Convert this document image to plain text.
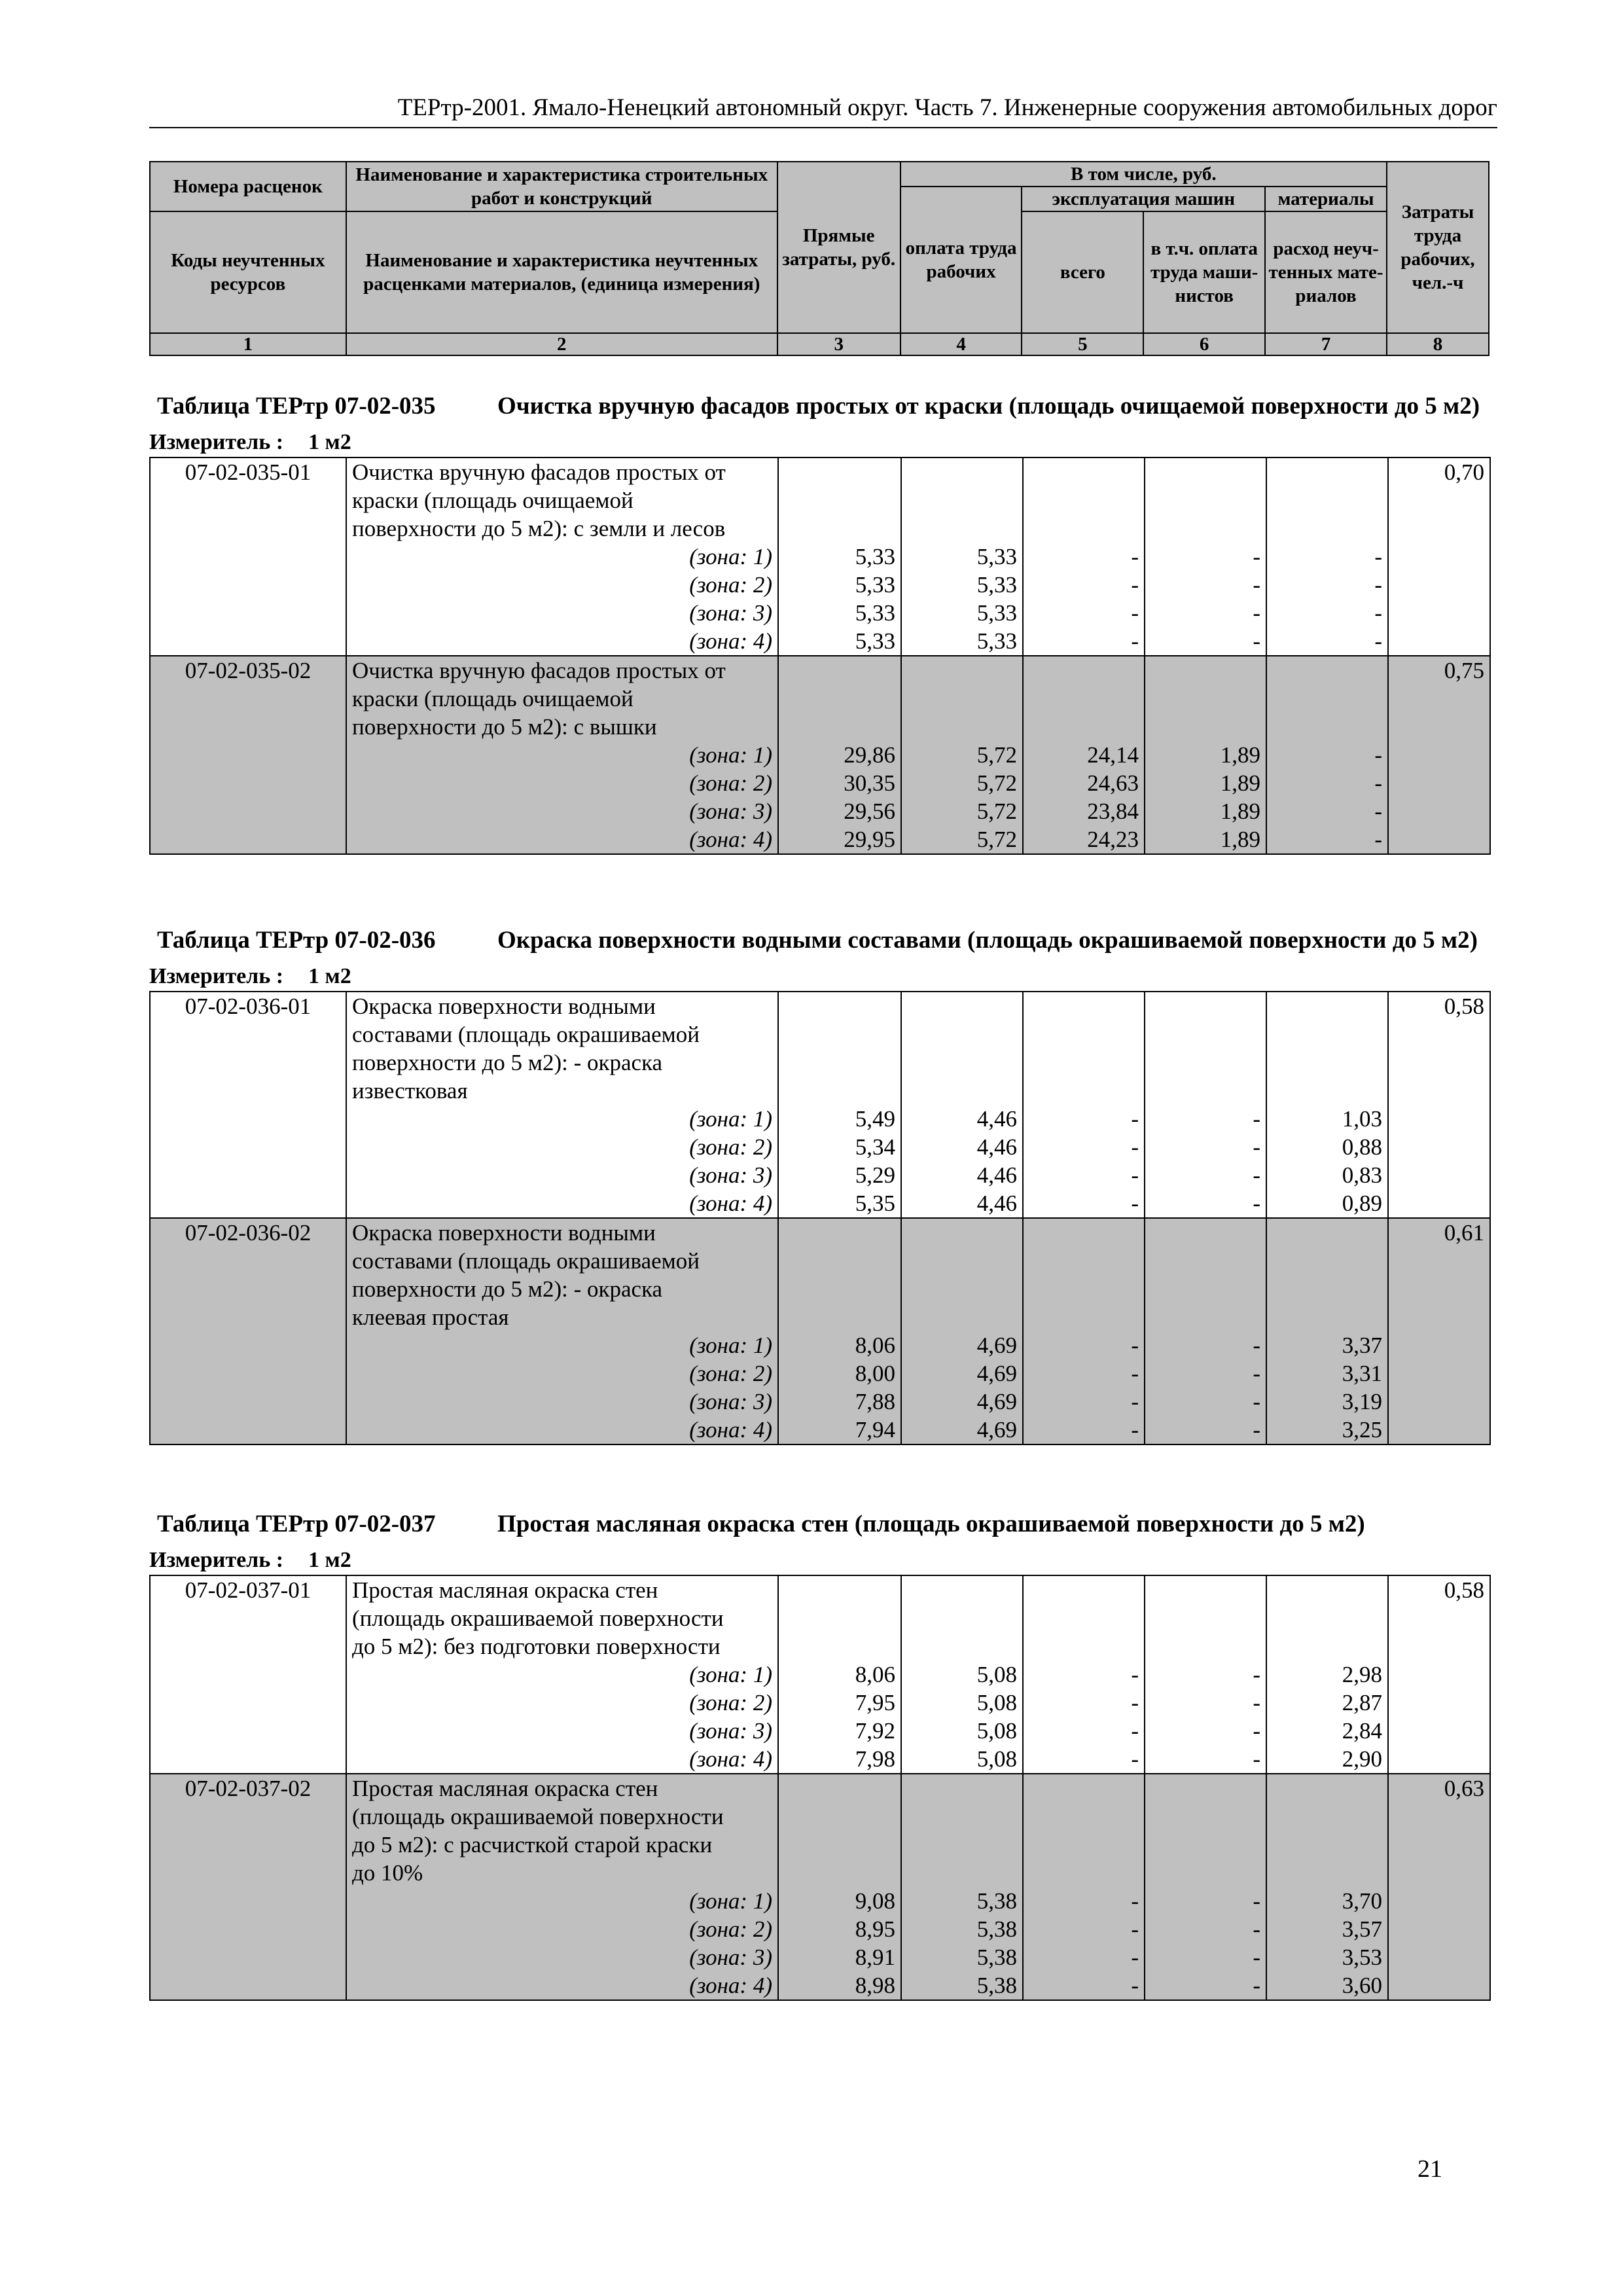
ТЕРтр-2001. Ямало-Ненецкий автономный округ. Часть 7. Инженерные сооружения автомобильных дорог
Номера расценок	Наименование и характеристика строительных работ и конструкций	Прямые затраты, руб.	В том числе, руб.				Затраты труда рабочих, чел.-ч
			оплата труда рабочих	эксплуатация машин		материалы	
Коды неучтенных ресурсов	Наименование и характеристика неучтенных расценками материалов, (единица измерения)			всего	в т.ч. оплата труда маши-нистов	расход неуч-тенных мате-риалов	

1	2	3	4	5	6	7	8
Таблица ТЕРтр 07-02-035	Очистка вручную фасадов простых от краски (площадь очищаемой поверхности до 5 м2)
Измеритель : 1 м2
07-02-035-01	Очистка вручную фасадов простых от						0,70
	краски (площадь очищаемой						
	поверхности до 5 м2): с земли и лесов						
	(зона: 1)	5,33	5,33	-	-	-	
	(зона: 2)	5,33	5,33	-	-	-	
	(зона: 3)	5,33	5,33	-	-	-	
	(зона: 4)	5,33	5,33	-	-	-	
07-02-035-02	Очистка вручную фасадов простых от						0,75
	краски (площадь очищаемой						
	поверхности до 5 м2): с вышки						
	(зона: 1)	29,86	5,72	24,14	1,89	-	
	(зона: 2)	30,35	5,72	24,63	1,89	-	
	(зона: 3)	29,56	5,72	23,84	1,89	-	
	(зона: 4)	29,95	5,72	24,23	1,89	-	
Таблица ТЕРтр 07-02-036	Окраска поверхности водными составами (площадь окрашиваемой поверхности до 5 м2)
Измеритель : 1 м2
07-02-036-01	Окраска поверхности водными						0,58
	составами (площадь окрашиваемой						
	поверхности до 5 м2): - окраска						
	известковая						
	(зона: 1)	5,49	4,46	-	-	1,03	
	(зона: 2)	5,34	4,46	-	-	0,88	
	(зона: 3)	5,29	4,46	-	-	0,83	
	(зона: 4)	5,35	4,46	-	-	0,89	
07-02-036-02	Окраска поверхности водными						0,61
	составами (площадь окрашиваемой						
	поверхности до 5 м2): - окраска						
	клеевая простая						
	(зона: 1)	8,06	4,69	-	-	3,37	
	(зона: 2)	8,00	4,69	-	-	3,31	
	(зона: 3)	7,88	4,69	-	-	3,19	
	(зона: 4)	7,94	4,69	-	-	3,25	
Таблица ТЕРтр 07-02-037	Простая масляная окраска стен (площадь окрашиваемой поверхности до 5 м2)
Измеритель : 1 м2
07-02-037-01	Простая масляная окраска стен						0,58
	(площадь окрашиваемой поверхности						
	до 5 м2): без подготовки поверхности						
	(зона: 1)	8,06	5,08	-	-	2,98	
	(зона: 2)	7,95	5,08	-	-	2,87	
	(зона: 3)	7,92	5,08	-	-	2,84	
	(зона: 4)	7,98	5,08	-	-	2,90	
07-02-037-02	Простая масляная окраска стен						0,63
	(площадь окрашиваемой поверхности						
	до 5 м2): с расчисткой старой краски						
	до 10%						
	(зона: 1)	9,08	5,38	-	-	3,70	
	(зона: 2)	8,95	5,38	-	-	3,57	
	(зона: 3)	8,91	5,38	-	-	3,53	
	(зона: 4)	8,98	5,38	-	-	3,60	
21
